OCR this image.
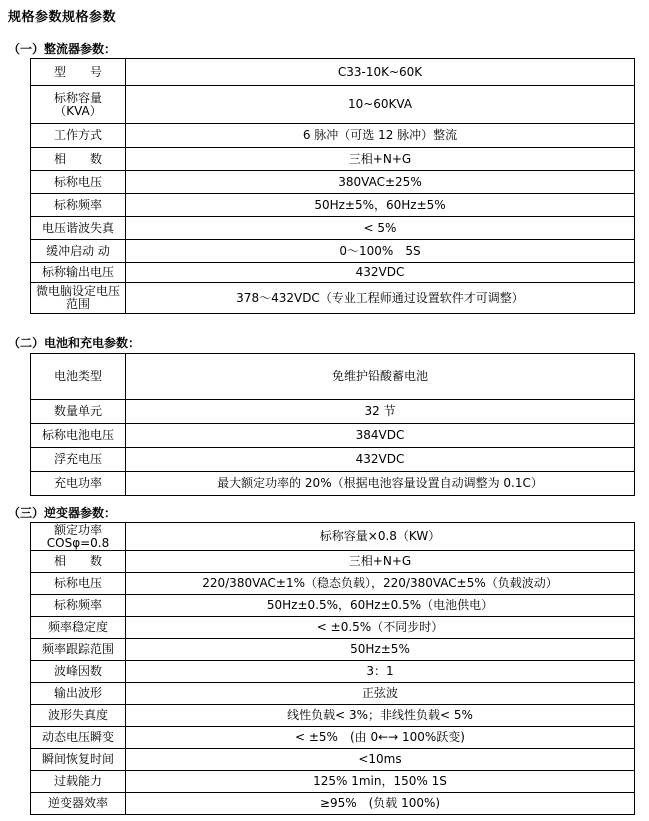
规格参数规格参数
（一）整流器参数：
型　　号	C33-10K~60K
标称容量（KVA）	10~60KVA
工作方式	6 脉冲（可选 12 脉冲）整流
相　　数	三相+N+G
标称电压	380VAC±25%
标称频率	50Hz±5%，60Hz±5%
电压谐波失真	< 5%
缓冲启动 动	0～100%　5S
标称输出电压	432VDC
微电脑设定电压范围	378～432VDC（专业工程师通过设置软件才可调整）
（二）电池和充电参数：
电池类型	免维护铅酸蓄电池
数量单元	32 节
标称电池电压	384VDC
浮充电压	432VDC
充电功率	最大额定功率的 20%（根据电池容量设置自动调整为 0.1C）
（三）逆变器参数：
额定功率COSφ=0.8	标称容量×0.8（KW）
相　　数	三相+N+G
标称电压	220/380VAC±1%（稳态负载），220/380VAC±5%（负载波动）
标称频率	50Hz±0.5%，60Hz±0.5%（电池供电）
频率稳定度	< ±0.5%（不同步时）
频率跟踪范围	50Hz±5%
波峰因数	3：1
输出波形	正弦波
波形失真度	线性负载< 3%；非线性负载< 5%
动态电压瞬变	< ±5%　(由 0←→ 100%跃变)
瞬间恢复时间	<10ms
过载能力	125% 1min，150% 1S
逆变器效率	≥95%　(负载 100%)
